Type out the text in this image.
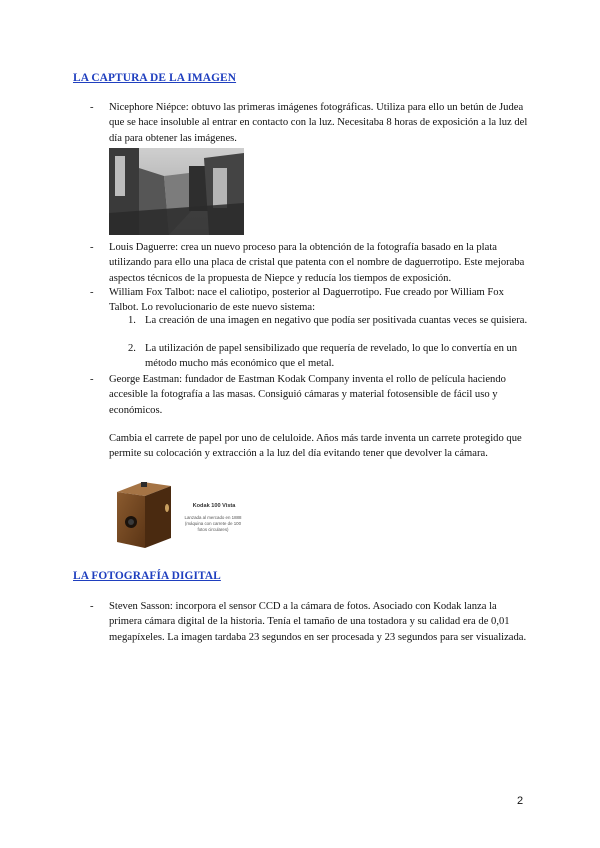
LA CAPTURA DE LA IMAGEN
- Nicephore Niépce: obtuvo las primeras imágenes fotográficas. Utiliza para ello un betún de Judea que se hace insoluble al entrar en contacto con la luz. Necesitaba 8 horas de exposición a la luz del día para obtener las imágenes.
- Louis Daguerre: crea un nuevo proceso para la obtención de la fotografía basado en la plata utilizando para ello una placa de cristal que patenta con el nombre de daguerrotipo. Este mejoraba aspectos técnicos de la propuesta de Niepce y reducía los tiempos de exposición.
- William Fox Talbot: nace el caliotipo, posterior al Daguerrotipo. Fue creado por William Fox Talbot. Lo revolucionario de este nuevo sistema:
1. La creación de una imagen en negativo que podía ser positivada cuantas veces se quisiera.
2. La utilización de papel sensibilizado que requería de revelado, lo que lo convertía en un método mucho más económico que el metal.
- George Eastman: fundador de Eastman Kodak Company inventa el rollo de película haciendo accesible la fotografía a las masas. Consiguió cámaras y material fotosensible de fácil uso y económicos.
Cambia el carrete de papel por uno de celuloide. Años más tarde inventa un carrete protegido que permite su colocación y extracción a la luz del día evitando tener que devolver la cámara.
Kodak 100 Vista
Lanzada al mercado en 1888
(máquina con carrete de 100
fotos circulares)
LA FOTOGRAFÍA DIGITAL
- Steven Sasson: incorpora el sensor CCD a la cámara de fotos. Asociado con Kodak lanza la primera cámara digital de la historia. Tenía el tamaño de una tostadora y su calidad era de 0,01 megapíxeles. La imagen tardaba 23 segundos en ser procesada y 23 segundos para ser visualizada.
2
